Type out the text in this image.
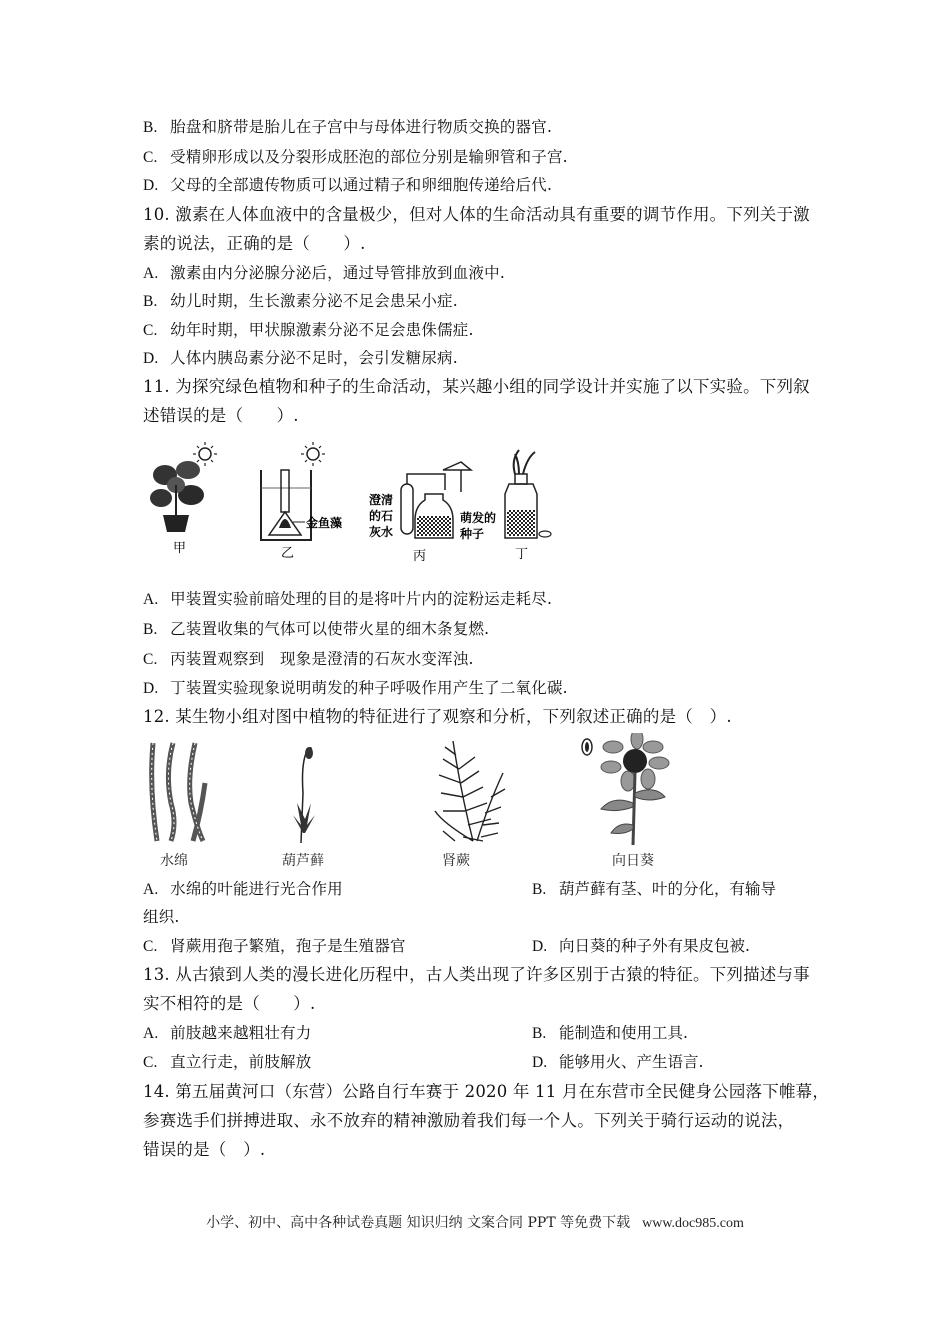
B. 胎盘和脐带是胎儿在子宫中与母体进行物质交换的器官.
C. 受精卵形成以及分裂形成胚泡的部位分别是输卵管和子宫.
D. 父母的全部遗传物质可以通过精子和卵细胞传递给后代.
10. 激素在人体血液中的含量极少，但对人体的生命活动具有重要的调节作用。下列关于激
素的说法，正确的是（　　）.
A. 激素由内分泌腺分泌后，通过导管排放到血液中.
B. 幼儿时期，生长激素分泌不足会患呆小症.
C. 幼年时期，甲状腺激素分泌不足会患侏儒症.
D. 人体内胰岛素分泌不足时，会引发糖尿病.
11. 为探究绿色植物和种子的生命活动，某兴趣小组的同学设计并实施了以下实验。下列叙
述错误的是（　　）.
甲
金鱼藻
乙
澄清
的石
灰水
萌发的
种子
丙	丁
A. 甲装置实验前暗处理的目的是将叶片内的淀粉运走耗尽.
B. 乙装置收集的气体可以使带火星的细木条复燃.
C. 丙装置观察到　现象是澄清的石灰水变浑浊.
D. 丁装置实验现象说明萌发的种子呼吸作用产生了二氧化碳.
12. 某生物小组对图中植物的特征进行了观察和分析，下列叙述正确的是（　）.
水绵	葫芦藓	肾蕨	向日葵
A. 水绵的叶能进行光合作用	B. 葫芦藓有茎、叶的分化，有输导
组织.
C. 肾蕨用孢子繁殖，孢子是生殖器官	D. 向日葵的种子外有果皮包被.
13. 从古猿到人类的漫长进化历程中，古人类出现了许多区别于古猿的特征。下列描述与事
实不相符的是（　　）.
A. 前肢越来越粗壮有力	B. 能制造和使用工具.
C. 直立行走，前肢解放	D. 能够用火、产生语言.
14. 第五届黄河口（东营）公路自行车赛于 2020 年 11 月在东营市全民健身公园落下帷幕，
参赛选手们拼搏进取、永不放弃的精神激励着我们每一个人。下列关于骑行运动的说法，
错误的是（　）.
小学、初中、高中各种试卷真题 知识归纳 文案合同 PPT 等免费下载 www.doc985.com
